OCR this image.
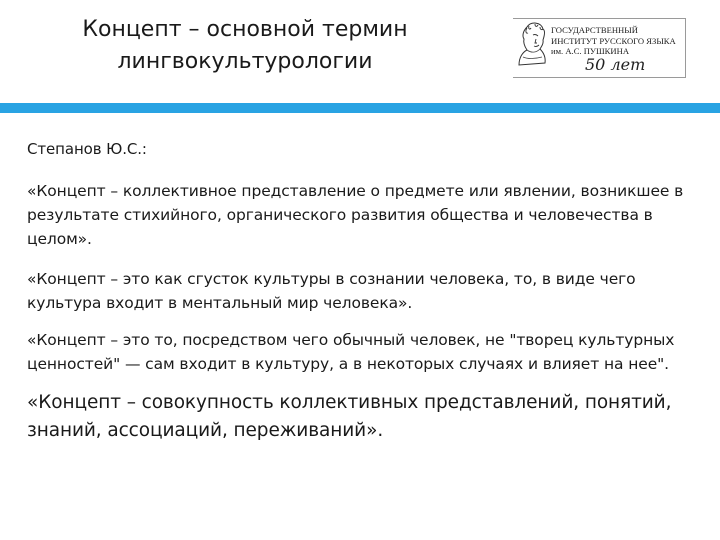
Концепт – основной термин
лингвокультурологии
ГОСУДАРСТВЕННЫЙ
ИНСТИТУТ РУССКОГО ЯЗЫКА
им. А.С. ПУШКИНА
50 лет

Степанов Ю.С.:

«Концепт – коллективное представление о предмете или явлении, возникшее в результате стихийного, органического развития общества и человечества в целом».

«Концепт – это как сгусток культуры в сознании человека, то, в виде чего культура входит в ментальный мир человека».

«Концепт – это то, посредством чего обычный человек, не "творец культурных ценностей" — сам входит в культуру, а в некоторых случаях и влияет на нее".

«Концепт – совокупность коллективных представлений, понятий, знаний, ассоциаций, переживаний».
